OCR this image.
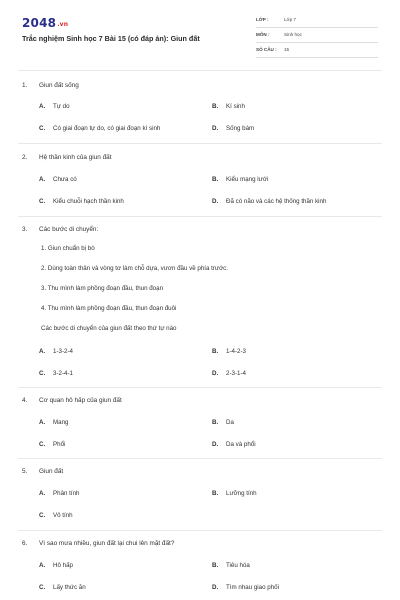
2048.vn
Trắc nghiệm Sinh học 7 Bài 15 (có đáp án): Giun đất
LỚP :	Lớp 7
MÔN :	Sinh học
SỐ CÂU : 15
1. Giun đất sống
A. Tự do	B. Kí sinh
C. Có giai đoạn tự do, có giai đoạn kí sinh	D. Sống bám
2. Hệ thần kinh của giun đất
A. Chưa có	B. Kiểu mạng lưới
C. Kiểu chuỗi hạch thần kinh	D. Đã có não và các hệ thống thần kinh
3. Các bước di chuyển:
1. Giun chuẩn bị bò
2. Dùng toàn thân và vòng tơ làm chỗ dựa, vươn đầu về phía trước.
3. Thu mình làm phồng đoạn đầu, thun đoạn
4. Thu mình làm phồng đoạn đầu, thun đoạn đuôi
Các bước di chuyển của giun đất theo thứ tự nào
A. 1-3-2-4	B. 1-4-2-3
C. 3-2-4-1	D. 2-3-1-4
4. Cơ quan hô hấp của giun đất
A. Mang	B. Da
C. Phổi	D. Da và phổi
5. Giun đất
A. Phân tính	B. Lưỡng tính
C. Vô tính
6. Vì sao mưa nhiều, giun đất lại chui lên mặt đất?
A. Hô hấp	B. Tiêu hóa
C. Lấy thức ăn	D. Tìm nhau giao phối
